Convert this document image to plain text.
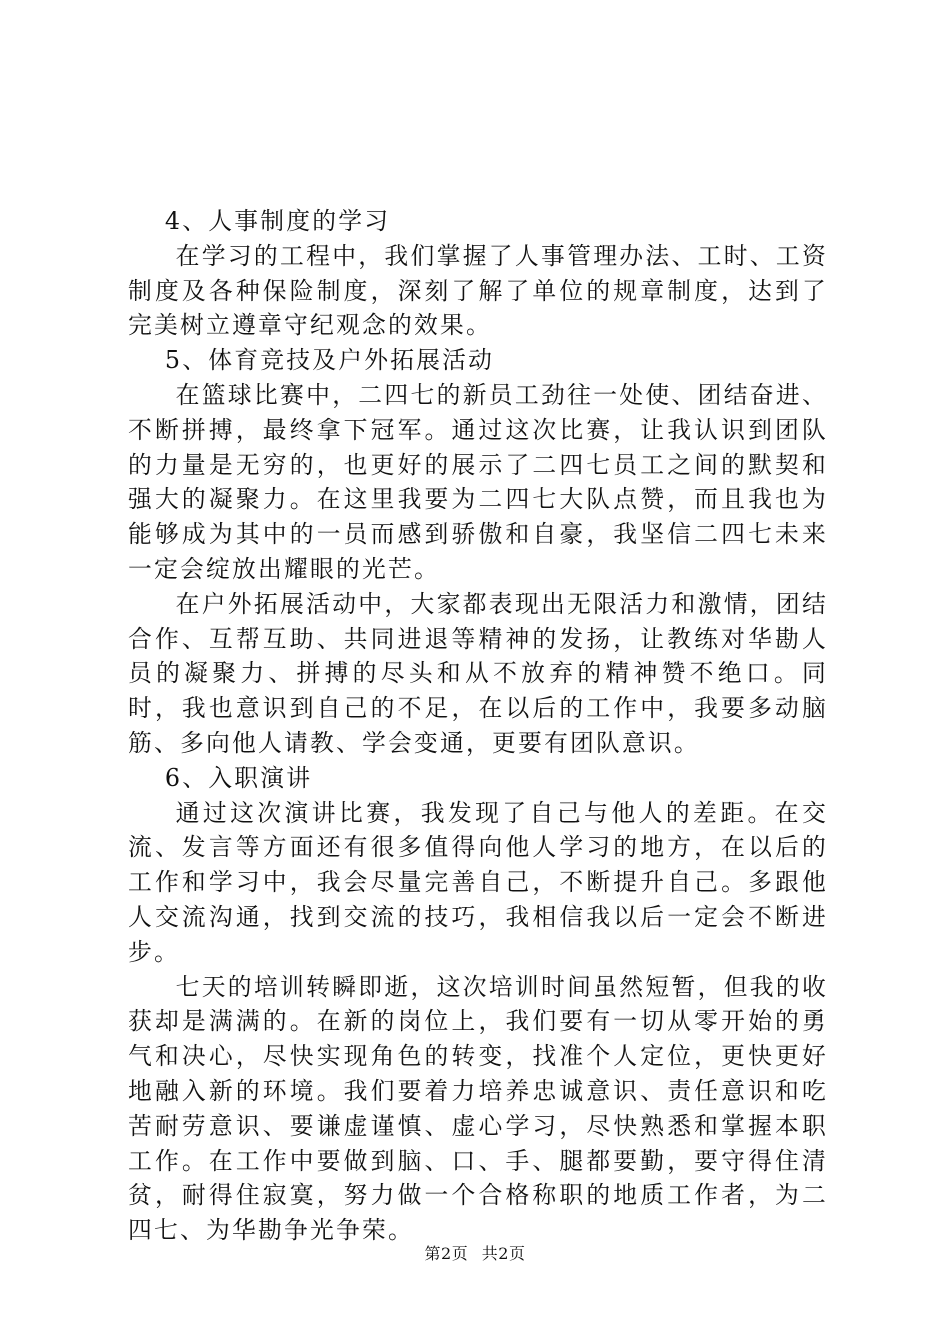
4、人事制度的学习

在学习的工程中，我们掌握了人事管理办法、工时、工资制度及各种保险制度，深刻了解了单位的规章制度，达到了完美树立遵章守纪观念的效果。

5、体育竞技及户外拓展活动

在篮球比赛中，二四七的新员工劲往一处使、团结奋进、不断拼搏，最终拿下冠军。通过这次比赛，让我认识到团队的力量是无穷的，也更好的展示了二四七员工之间的默契和强大的凝聚力。在这里我要为二四七大队点赞，而且我也为能够成为其中的一员而感到骄傲和自豪，我坚信二四七未来一定会绽放出耀眼的光芒。

在户外拓展活动中，大家都表现出无限活力和激情，团结合作、互帮互助、共同进退等精神的发扬，让教练对华勘人员的凝聚力、拼搏的尽头和从不放弃的精神赞不绝口。同时，我也意识到自己的不足，在以后的工作中，我要多动脑筋、多向他人请教、学会变通，更要有团队意识。

6、入职演讲

通过这次演讲比赛，我发现了自己与他人的差距。在交流、发言等方面还有很多值得向他人学习的地方，在以后的工作和学习中，我会尽量完善自己，不断提升自己。多跟他人交流沟通，找到交流的技巧，我相信我以后一定会不断进步。

七天的培训转瞬即逝，这次培训时间虽然短暂，但我的收获却是满满的。在新的岗位上，我们要有一切从零开始的勇气和决心，尽快实现角色的转变，找准个人定位，更快更好地融入新的环境。我们要着力培养忠诚意识、责任意识和吃苦耐劳意识、要谦虚谨慎、虚心学习，尽快熟悉和掌握本职工作。在工作中要做到脑、口、手、腿都要勤，要守得住清贫，耐得住寂寞，努力做一个合格称职的地质工作者，为二四七、为华勘争光争荣。

第2页 共2页
